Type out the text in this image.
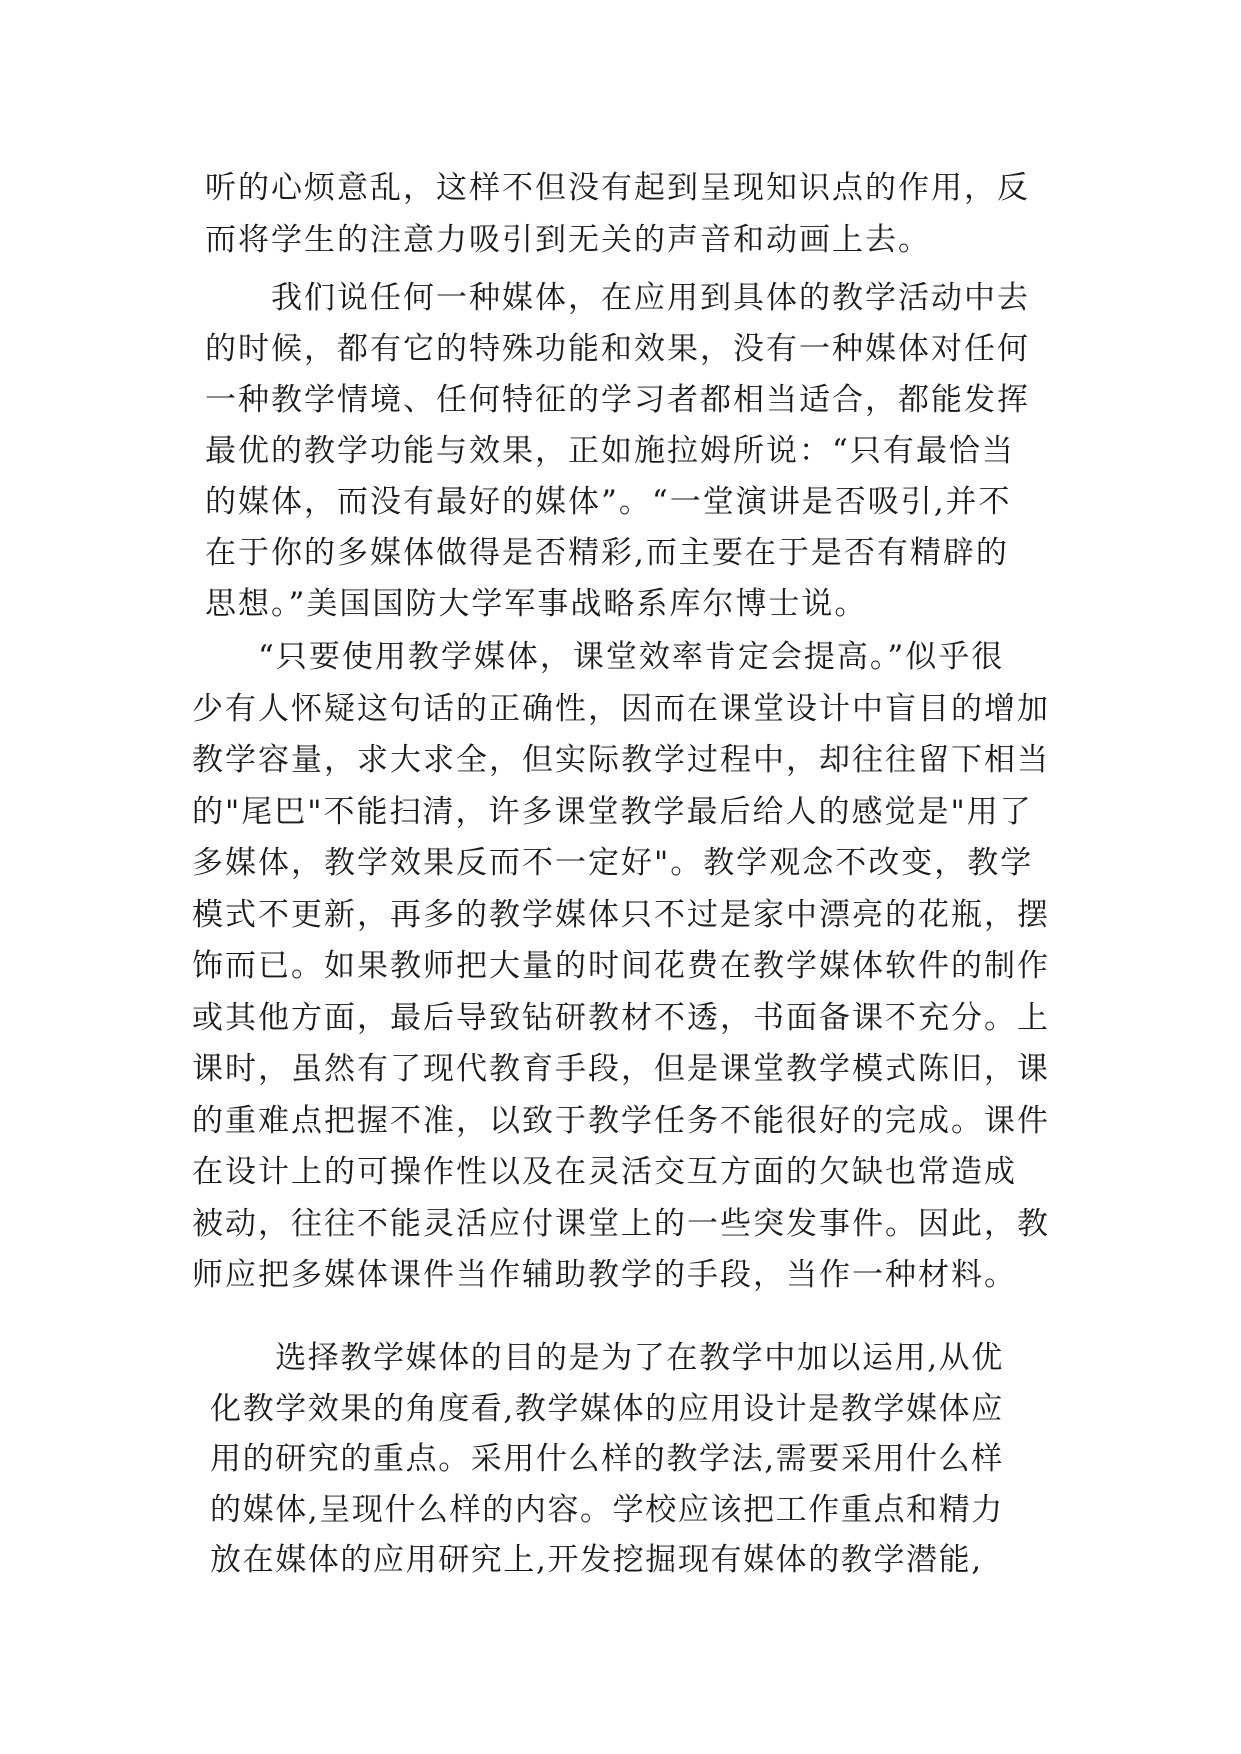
听的心烦意乱，这样不但没有起到呈现知识点的作用，反
而将学生的注意力吸引到无关的声音和动画上去。
　　我们说任何一种媒体，在应用到具体的教学活动中去
的时候，都有它的特殊功能和效果，没有一种媒体对任何
一种教学情境、任何特征的学习者都相当适合，都能发挥
最优的教学功能与效果，正如施拉姆所说：“只有最恰当
的媒体，而没有最好的媒体”。“一堂演讲是否吸引,并不
在于你的多媒体做得是否精彩,而主要在于是否有精辟的
思想。”美国国防大学军事战略系库尔博士说。
　　“只要使用教学媒体，课堂效率肯定会提高。”似乎很
少有人怀疑这句话的正确性，因而在课堂设计中盲目的增加
教学容量，求大求全，但实际教学过程中，却往往留下相当
的"尾巴"不能扫清，许多课堂教学最后给人的感觉是"用了
多媒体，教学效果反而不一定好"。教学观念不改变，教学
模式不更新，再多的教学媒体只不过是家中漂亮的花瓶，摆
饰而已。如果教师把大量的时间花费在教学媒体软件的制作
或其他方面，最后导致钻研教材不透，书面备课不充分。上
课时，虽然有了现代教育手段，但是课堂教学模式陈旧，课
的重难点把握不准，以致于教学任务不能很好的完成。课件
在设计上的可操作性以及在灵活交互方面的欠缺也常造成
被动，往往不能灵活应付课堂上的一些突发事件。因此，教
师应把多媒体课件当作辅助教学的手段，当作一种材料。
　　选择教学媒体的目的是为了在教学中加以运用,从优
化教学效果的角度看,教学媒体的应用设计是教学媒体应
用的研究的重点。采用什么样的教学法,需要采用什么样
的媒体,呈现什么样的内容。学校应该把工作重点和精力
放在媒体的应用研究上,开发挖掘现有媒体的教学潜能,
